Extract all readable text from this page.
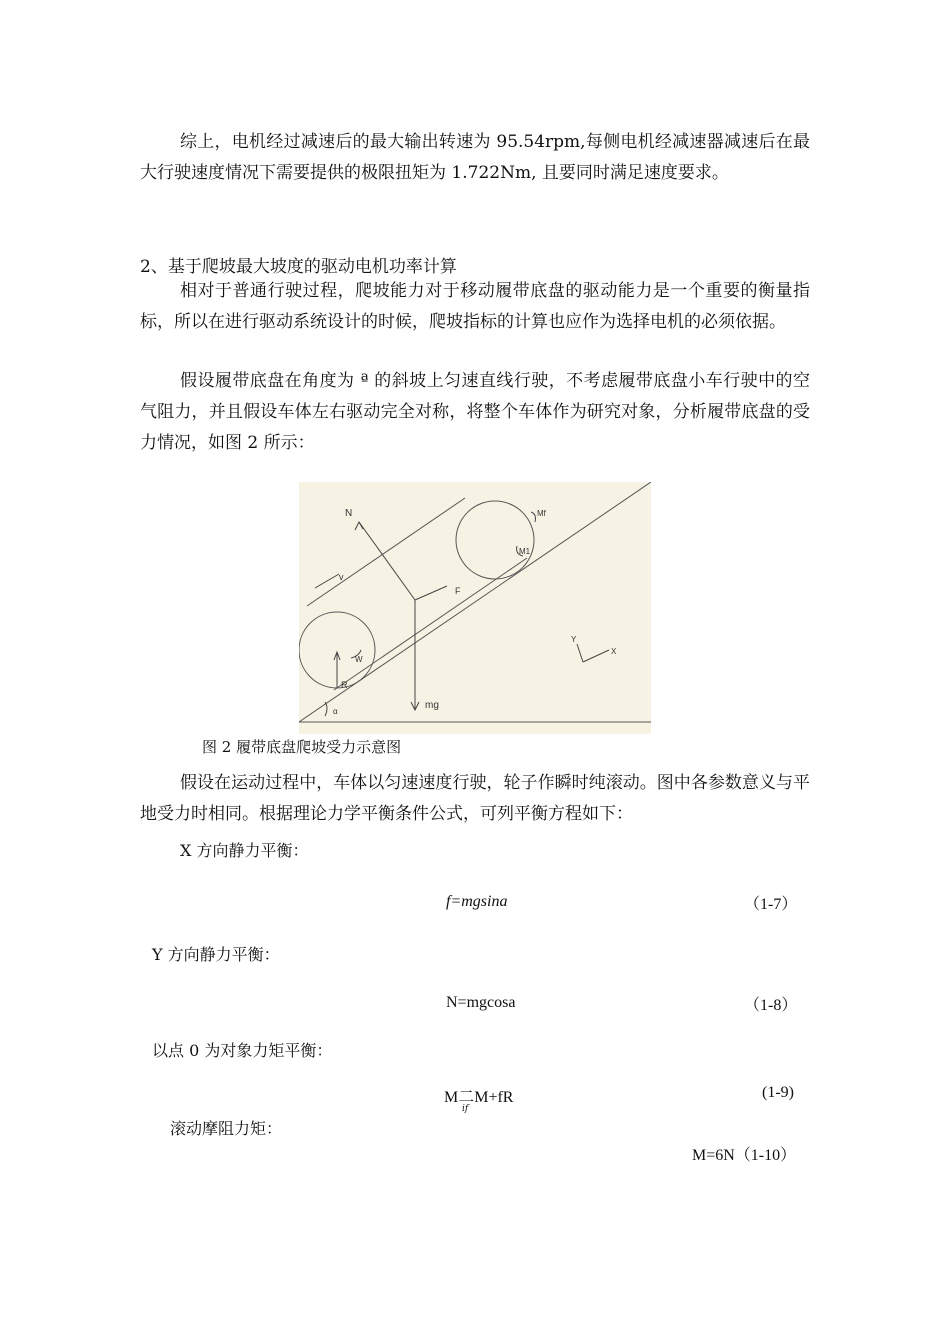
综上，电机经过减速后的最大输出转速为 95.54rpm,每侧电机经减速器减速后在最大行驶速度情况下需要提供的极限扭矩为 1.722Nm, 且要同时满足速度要求。

2、基于爬坡最大坡度的驱动电机功率计算

相对于普通行驶过程，爬坡能力对于移动履带底盘的驱动能力是一个重要的衡量指标，所以在进行驱动系统设计的时候，爬坡指标的计算也应作为选择电机的必须依据。

假设履带底盘在角度为 ª 的斜坡上匀速直线行驶，不考虑履带底盘小车行驶中的空气阻力，并且假设车体左右驱动完全对称，将整个车体作为研究对象，分析履带底盘的受力情况，如图 2 所示：

N
mg
F
v
Mf
M1
R
W
α
X
Y
图 2 履带底盘爬坡受力示意图

假设在运动过程中，车体以匀速速度行驶，轮子作瞬时纯滚动。图中各参数意义与平地受力时相同。根据理论力学平衡条件公式，可列平衡方程如下：

X 方向静力平衡：
f=mgsina	（1-7）
Y 方向静力平衡：
N=mgcosa	（1-8）
以点 0 为对象力矩平衡：
M二M+fR
if
(1-9)
滚动摩阻力矩：
M=6N（1-10）
